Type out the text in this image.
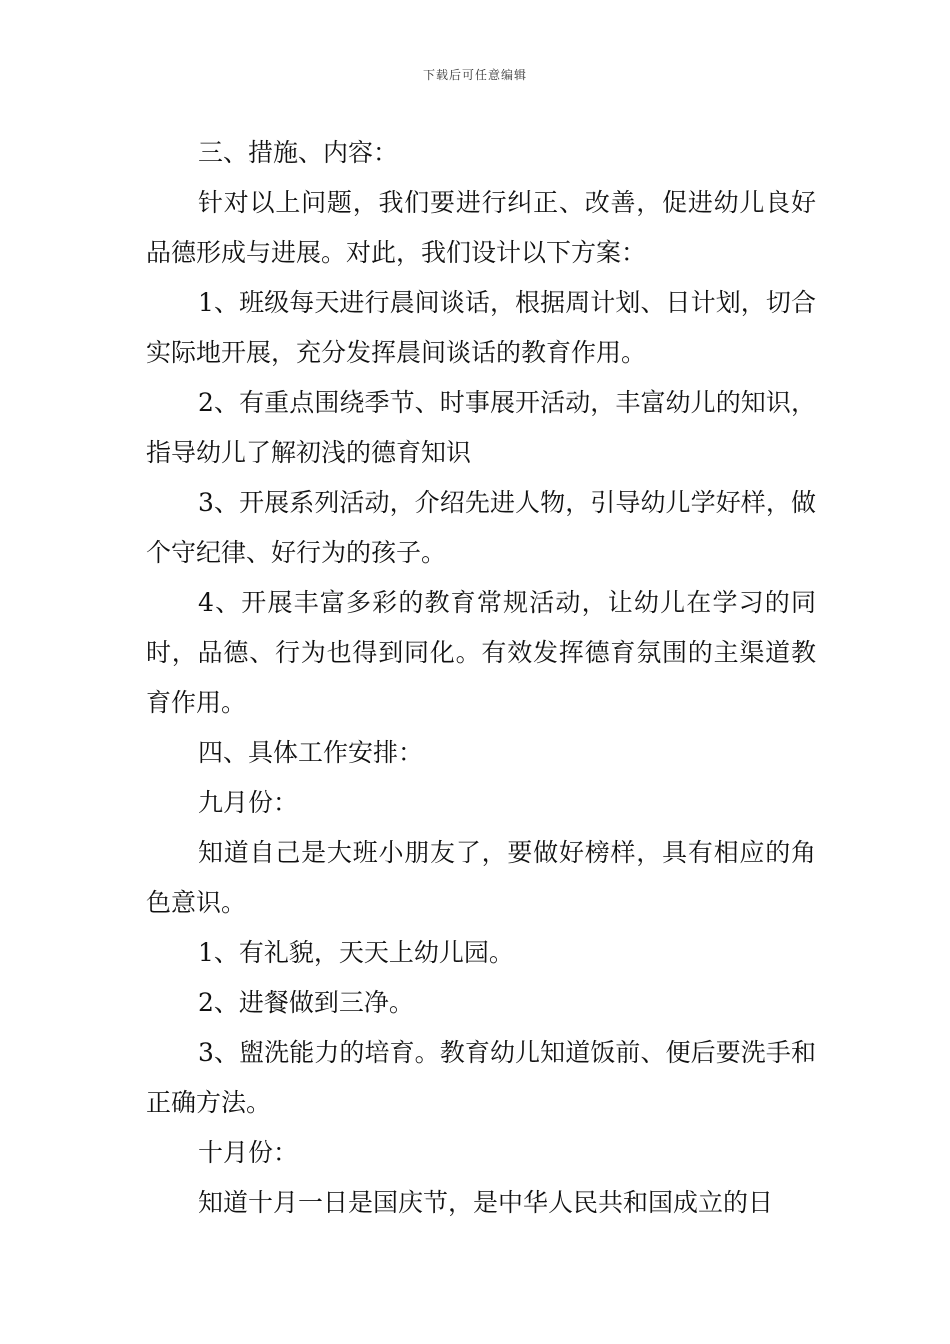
下载后可任意编辑

三、措施、内容：

针对以上问题，我们要进行纠正、改善，促进幼儿良好品德形成与进展。对此，我们设计以下方案：

1、班级每天进行晨间谈话，根据周计划、日计划，切合实际地开展，充分发挥晨间谈话的教育作用。

2、有重点围绕季节、时事展开活动，丰富幼儿的知识，指导幼儿了解初浅的德育知识

3、开展系列活动，介绍先进人物，引导幼儿学好样，做个守纪律、好行为的孩子。

4、开展丰富多彩的教育常规活动，让幼儿在学习的同时，品德、行为也得到同化。有效发挥德育氛围的主渠道教育作用。

四、具体工作安排：

九月份：

知道自己是大班小朋友了，要做好榜样，具有相应的角色意识。

1、有礼貌，天天上幼儿园。

2、进餐做到三净。

3、盥洗能力的培育。教育幼儿知道饭前、便后要洗手和正确方法。

十月份：

知道十月一日是国庆节，是中华人民共和国成立的日
